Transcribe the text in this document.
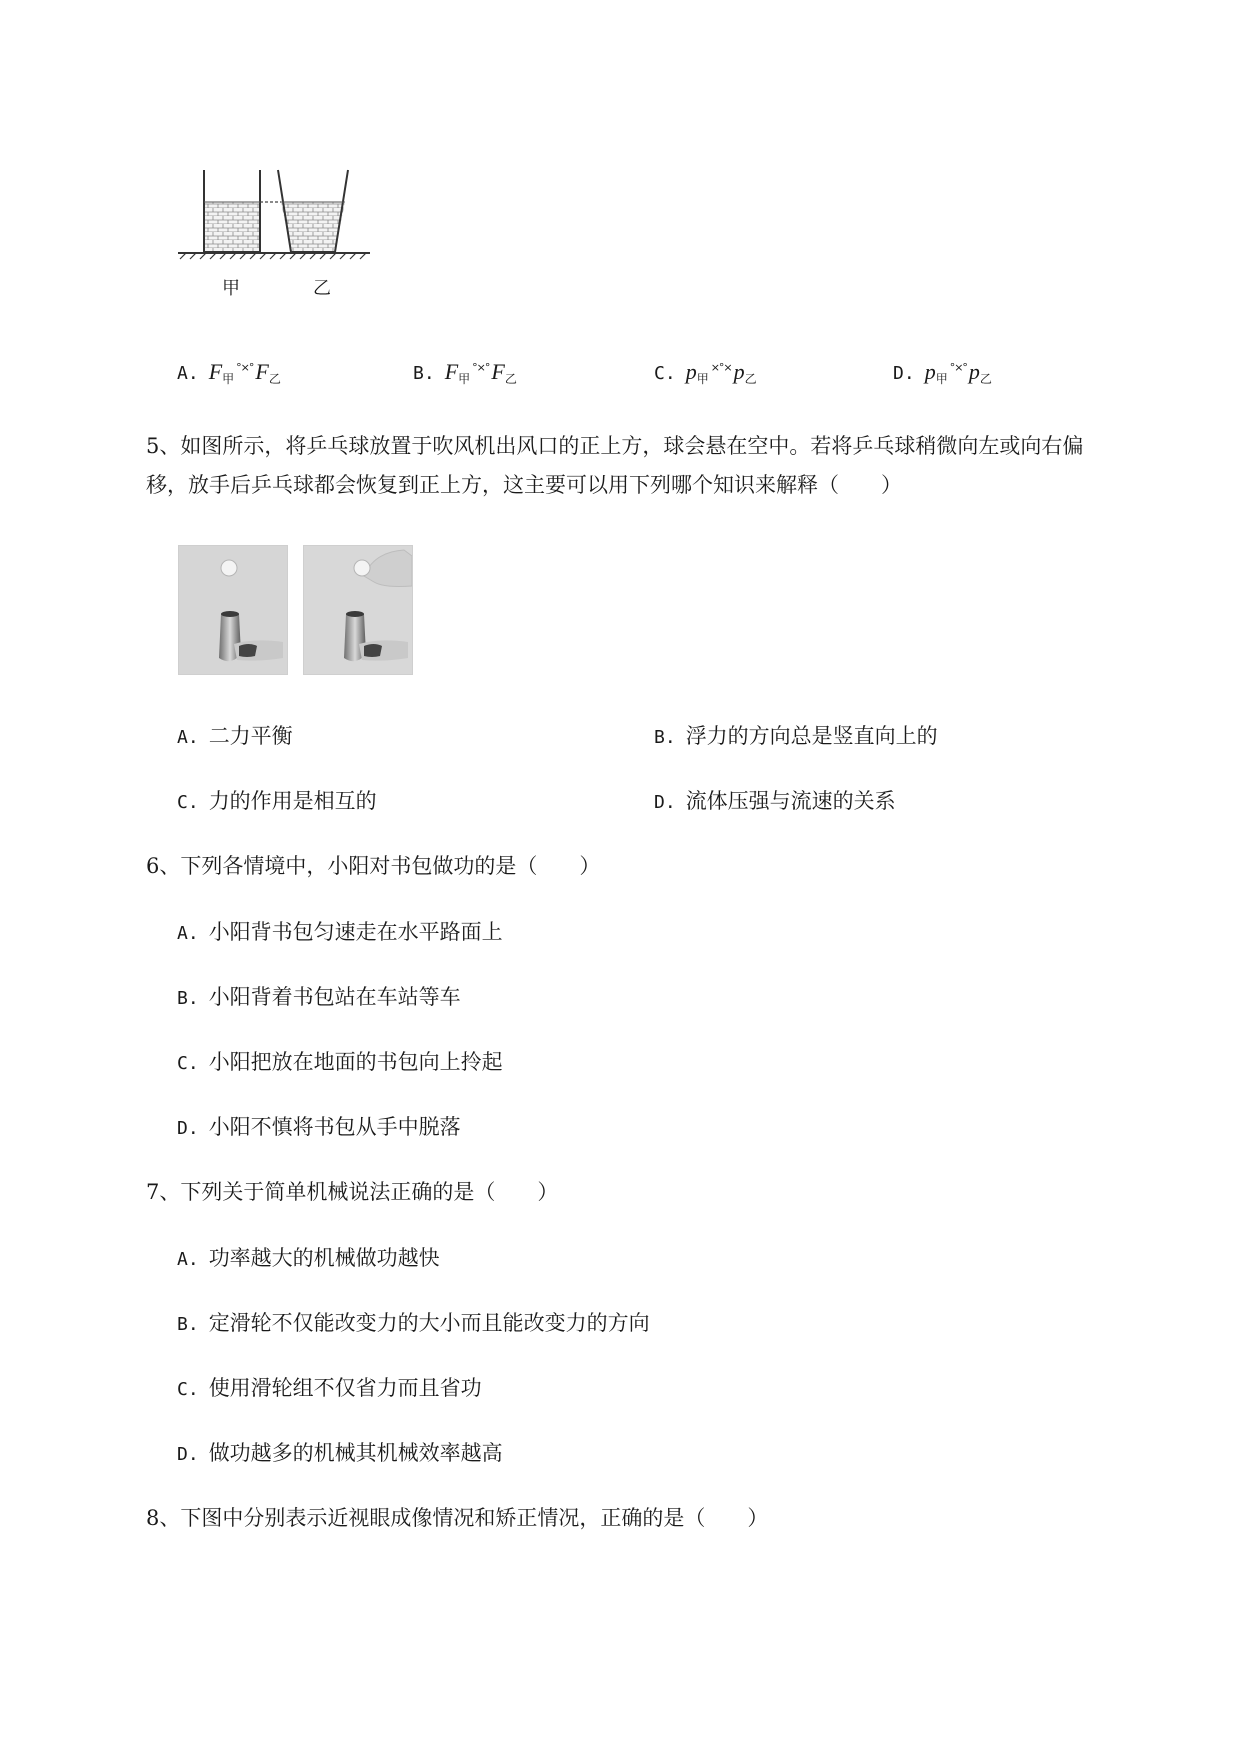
甲	乙
A. $F_甲^{^\circ\times^\circ}F_乙$	B. $F_甲^{^\circ\times^\circ}F_乙$	C. $p_甲^{\times^\circ\times}p_乙$	D. $p_甲^{^\circ\times^\circ}p_乙$
5、如图所示，将乒乓球放置于吹风机出风口的正上方，球会悬在空中。若将乒乓球稍微向左或向右偏
移，放手后乒乓球都会恢复到正上方，这主要可以用下列哪个知识来解释（　　）
A. 二力平衡	B. 浮力的方向总是竖直向上的
C. 力的作用是相互的	D. 流体压强与流速的关系
6、下列各情境中，小阳对书包做功的是（　　）
A. 小阳背书包匀速走在水平路面上
B. 小阳背着书包站在车站等车
C. 小阳把放在地面的书包向上拎起
D. 小阳不慎将书包从手中脱落
7、下列关于简单机械说法正确的是（　　）
A. 功率越大的机械做功越快
B. 定滑轮不仅能改变力的大小而且能改变力的方向
C. 使用滑轮组不仅省力而且省功
D. 做功越多的机械其机械效率越高
8、下图中分别表示近视眼成像情况和矫正情况，正确的是（　　）
